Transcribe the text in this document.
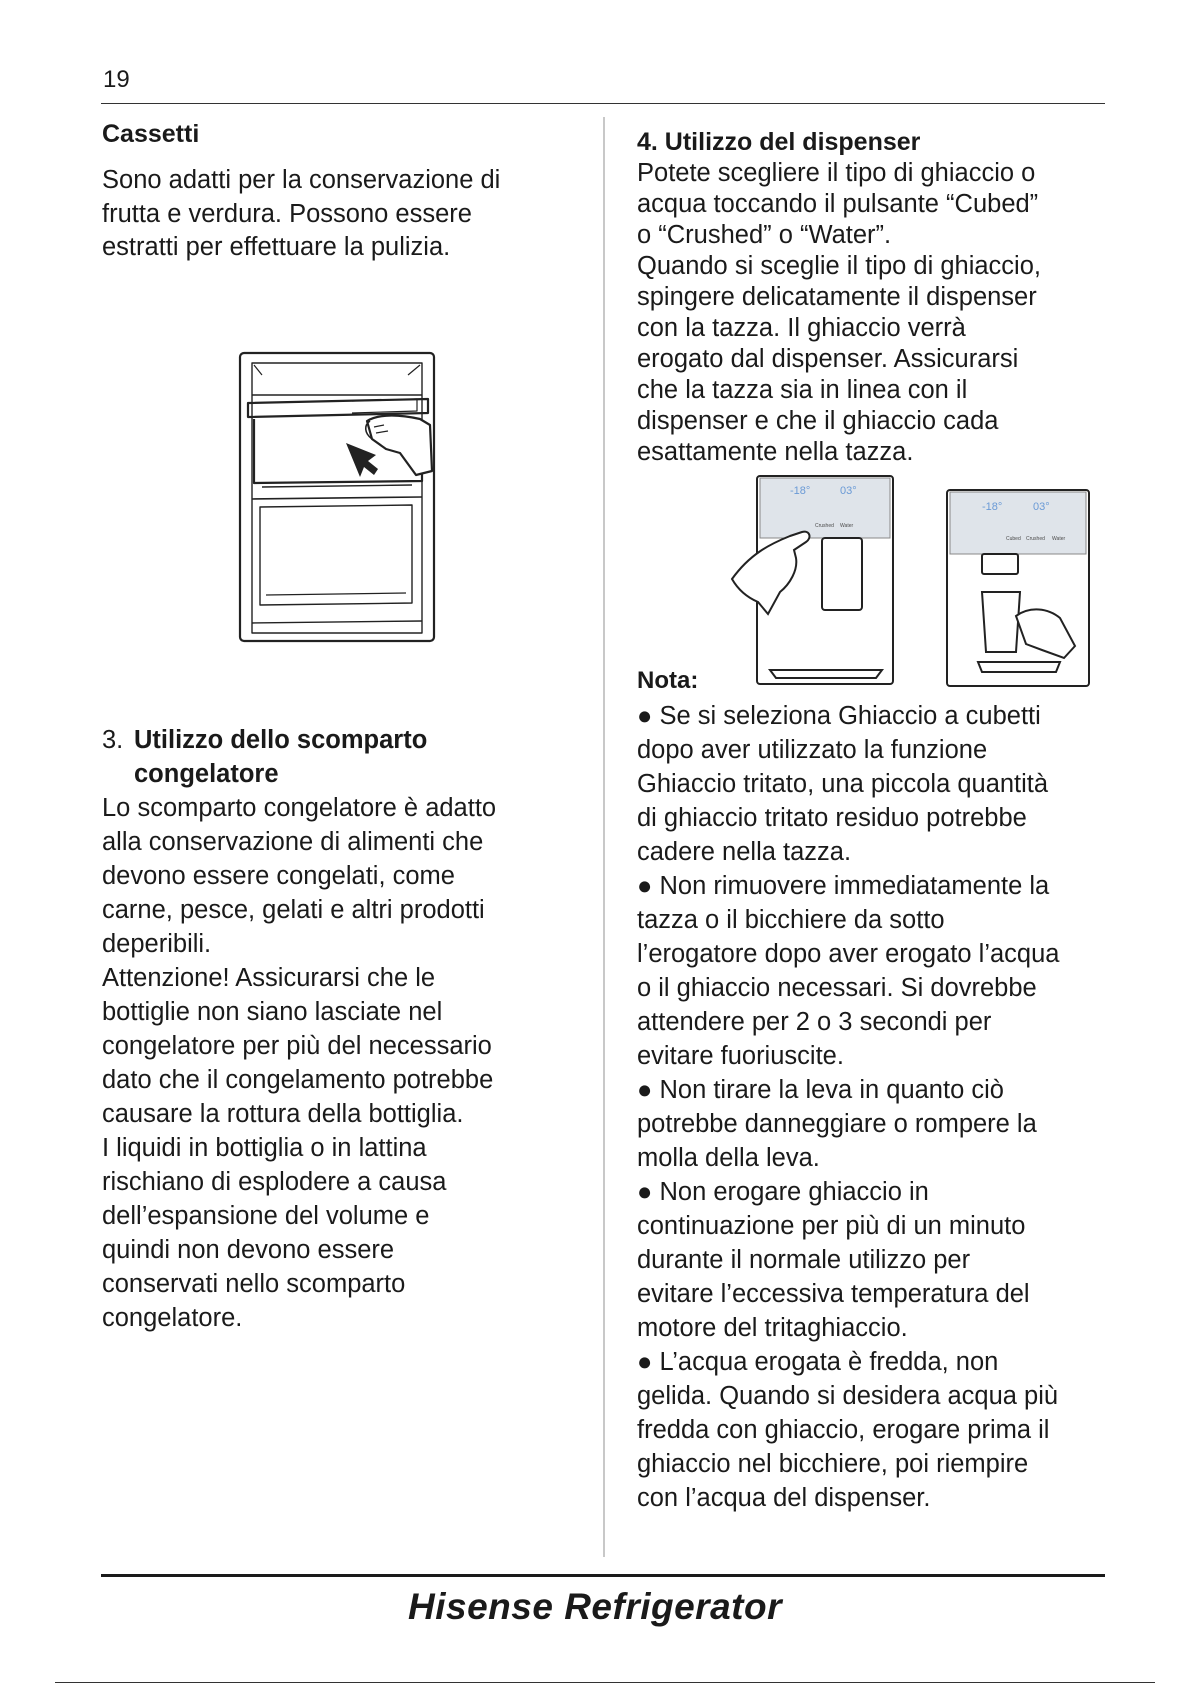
19
Cassetti

Sono adatti per la conservazione di
frutta e verdura. Possono essere
estratti per effettuare la pulizia.

3. Utilizzo dello scomparto
congelatore

Lo scomparto congelatore è adatto
alla conservazione di alimenti che
devono essere congelati, come
carne, pesce, gelati e altri prodotti
deperibili.
Attenzione! Assicurarsi che le
bottiglie non siano lasciate nel
congelatore per più del necessario
dato che il congelamento potrebbe
causare la rottura della bottiglia.
I liquidi in bottiglia o in lattina
rischiano di esplodere a causa
dell’espansione del volume e
quindi non devono essere
conservati nello scomparto
congelatore.

4. Utilizzo del dispenser

Potete scegliere il tipo di ghiaccio o
acqua toccando il pulsante “Cubed”
o “Crushed” o “Water”.
Quando si sceglie il tipo di ghiaccio,
spingere delicatamente il dispenser
con la tazza. Il ghiaccio verrà
erogato dal dispenser. Assicurarsi
che la tazza sia in linea con il
dispenser e che il ghiaccio cada
esattamente nella tazza.

-18°	03°
Crushed Water
-18°	03°
Cubed Crushed Water
Nota:
● Se si seleziona Ghiaccio a cubetti
dopo aver utilizzato la funzione
Ghiaccio tritato, una piccola quantità
di ghiaccio tritato residuo potrebbe
cadere nella tazza.
● Non rimuovere immediatamente la
tazza o il bicchiere da sotto
l’erogatore dopo aver erogato l’acqua
o il ghiaccio necessari. Si dovrebbe
attendere per 2 o 3 secondi per
evitare fuoriuscite.
● Non tirare la leva in quanto ciò
potrebbe danneggiare o rompere la
molla della leva.
● Non erogare ghiaccio in
continuazione per più di un minuto
durante il normale utilizzo per
evitare l’eccessiva temperatura del
motore del tritaghiaccio.
● L’acqua erogata è fredda, non
gelida. Quando si desidera acqua più
fredda con ghiaccio, erogare prima il
ghiaccio nel bicchiere, poi riempire
con l’acqua del dispenser.
Hisense Refrigerator
